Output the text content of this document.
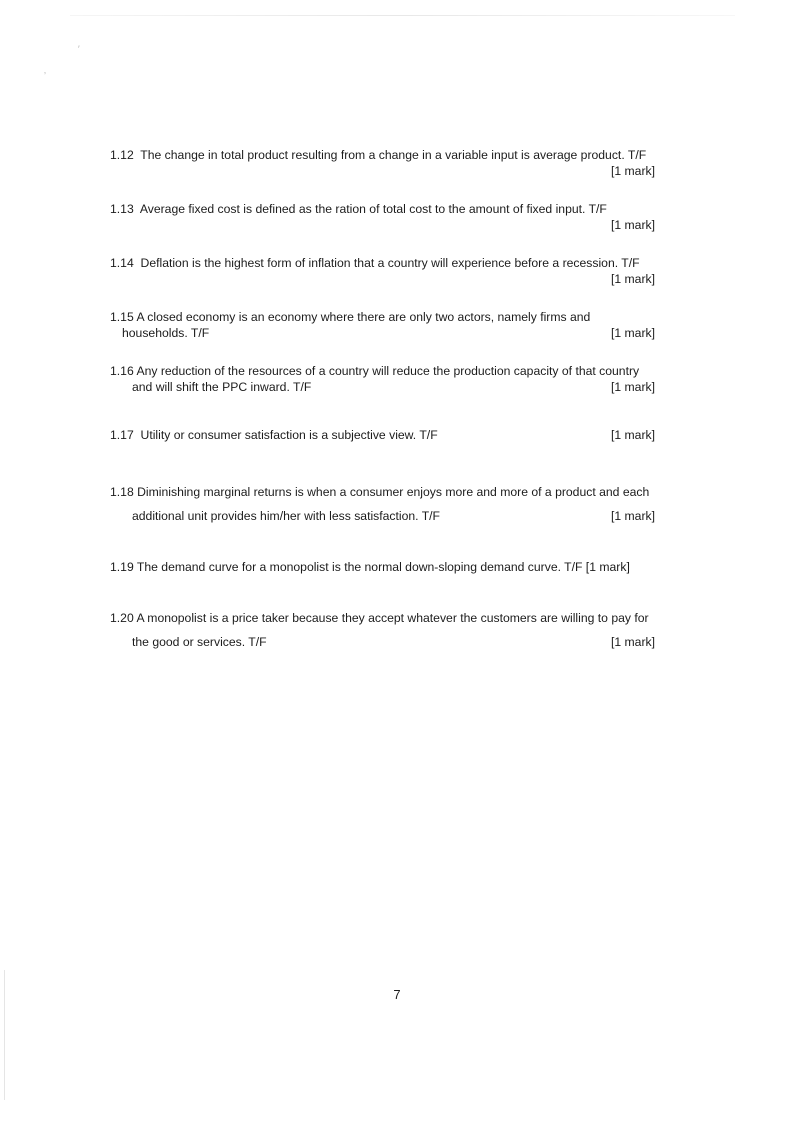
′
ʼ
1.12 The change in total product resulting from a change in a variable input is average product. T/F
[1 mark]
1.13 Average fixed cost is defined as the ration of total cost to the amount of fixed input. T/F
[1 mark]
1.14 Deflation is the highest form of inflation that a country will experience before a recession. T/F
[1 mark]
1.15 A closed economy is an economy where there are only two actors, namely firms and
households. T/F	[1 mark]
1.16 Any reduction of the resources of a country will reduce the production capacity of that country
and will shift the PPC inward. T/F	[1 mark]
1.17 Utility or consumer satisfaction is a subjective view. T/F	[1 mark]
1.18 Diminishing marginal returns is when a consumer enjoys more and more of a product and each
additional unit provides him/her with less satisfaction. T/F	[1 mark]
1.19 The demand curve for a monopolist is the normal down-sloping demand curve. T/F [1 mark]
1.20 A monopolist is a price taker because they accept whatever the customers are willing to pay for
the good or services. T/F	[1 mark]
7
